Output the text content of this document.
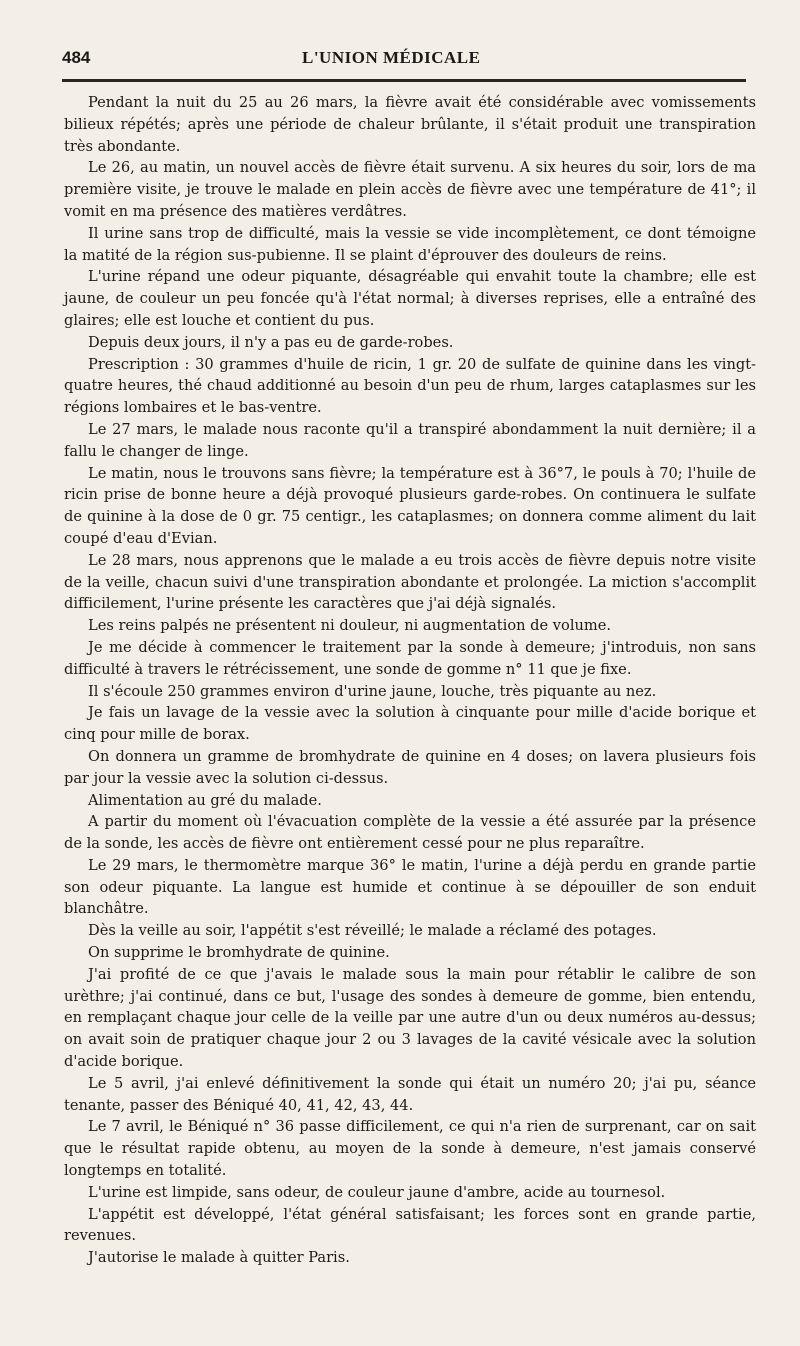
484	L'UNION MÉDICALE

Pendant la nuit du 25 au 26 mars, la fièvre avait été considérable avec vomissements bilieux répétés; après une période de chaleur brûlante, il s'était produit une transpiration très abondante.

Le 26, au matin, un nouvel accès de fièvre était survenu. A six heures du soir, lors de ma première visite, je trouve le malade en plein accès de fièvre avec une température de 41°; il vomit en ma présence des matières verdâtres.

Il urine sans trop de difficulté, mais la vessie se vide incomplètement, ce dont témoigne la matité de la région sus-pubienne. Il se plaint d'éprouver des douleurs de reins.

L'urine répand une odeur piquante, désagréable qui envahit toute la chambre; elle est jaune, de couleur un peu foncée qu'à l'état normal; à diverses reprises, elle a entraîné des glaires; elle est louche et contient du pus.

Depuis deux jours, il n'y a pas eu de garde-robes.

Prescription : 30 grammes d'huile de ricin, 1 gr. 20 de sulfate de quinine dans les vingt-quatre heures, thé chaud additionné au besoin d'un peu de rhum, larges cataplasmes sur les régions lombaires et le bas-ventre.

Le 27 mars, le malade nous raconte qu'il a transpiré abondamment la nuit dernière; il a fallu le changer de linge.

Le matin, nous le trouvons sans fièvre; la température est à 36°7, le pouls à 70; l'huile de ricin prise de bonne heure a déjà provoqué plusieurs garde-robes. On continuera le sulfate de quinine à la dose de 0 gr. 75 centigr., les cataplasmes; on donnera comme aliment du lait coupé d'eau d'Evian.

Le 28 mars, nous apprenons que le malade a eu trois accès de fièvre depuis notre visite de la veille, chacun suivi d'une transpiration abondante et prolongée. La miction s'accomplit difficilement, l'urine présente les caractères que j'ai déjà signalés.

Les reins palpés ne présentent ni douleur, ni augmentation de volume.

Je me décide à commencer le traitement par la sonde à demeure; j'introduis, non sans difficulté à travers le rétrécissement, une sonde de gomme n° 11 que je fixe.

Il s'écoule 250 grammes environ d'urine jaune, louche, très piquante au nez.

Je fais un lavage de la vessie avec la solution à cinquante pour mille d'acide borique et cinq pour mille de borax.

On donnera un gramme de bromhydrate de quinine en 4 doses; on lavera plusieurs fois par jour la vessie avec la solution ci-dessus.

Alimentation au gré du malade.

A partir du moment où l'évacuation complète de la vessie a été assurée par la présence de la sonde, les accès de fièvre ont entièrement cessé pour ne plus reparaître.

Le 29 mars, le thermomètre marque 36° le matin, l'urine a déjà perdu en grande partie son odeur piquante. La langue est humide et continue à se dépouiller de son enduit blanchâtre.

Dès la veille au soir, l'appétit s'est réveillé; le malade a réclamé des potages.

On supprime le bromhydrate de quinine.

J'ai profité de ce que j'avais le malade sous la main pour rétablir le calibre de son urèthre; j'ai continué, dans ce but, l'usage des sondes à demeure de gomme, bien entendu, en remplaçant chaque jour celle de la veille par une autre d'un ou deux numéros au-dessus; on avait soin de pratiquer chaque jour 2 ou 3 lavages de la cavité vésicale avec la solution d'acide borique.

Le 5 avril, j'ai enlevé définitivement la sonde qui était un numéro 20; j'ai pu, séance tenante, passer des Béniqué 40, 41, 42, 43, 44.

Le 7 avril, le Béniqué n° 36 passe difficilement, ce qui n'a rien de surprenant, car on sait que le résultat rapide obtenu, au moyen de la sonde à demeure, n'est jamais conservé longtemps en totalité.

L'urine est limpide, sans odeur, de couleur jaune d'ambre, acide au tournesol.

L'appétit est développé, l'état général satisfaisant; les forces sont en grande partie, revenues.

J'autorise le malade à quitter Paris.
